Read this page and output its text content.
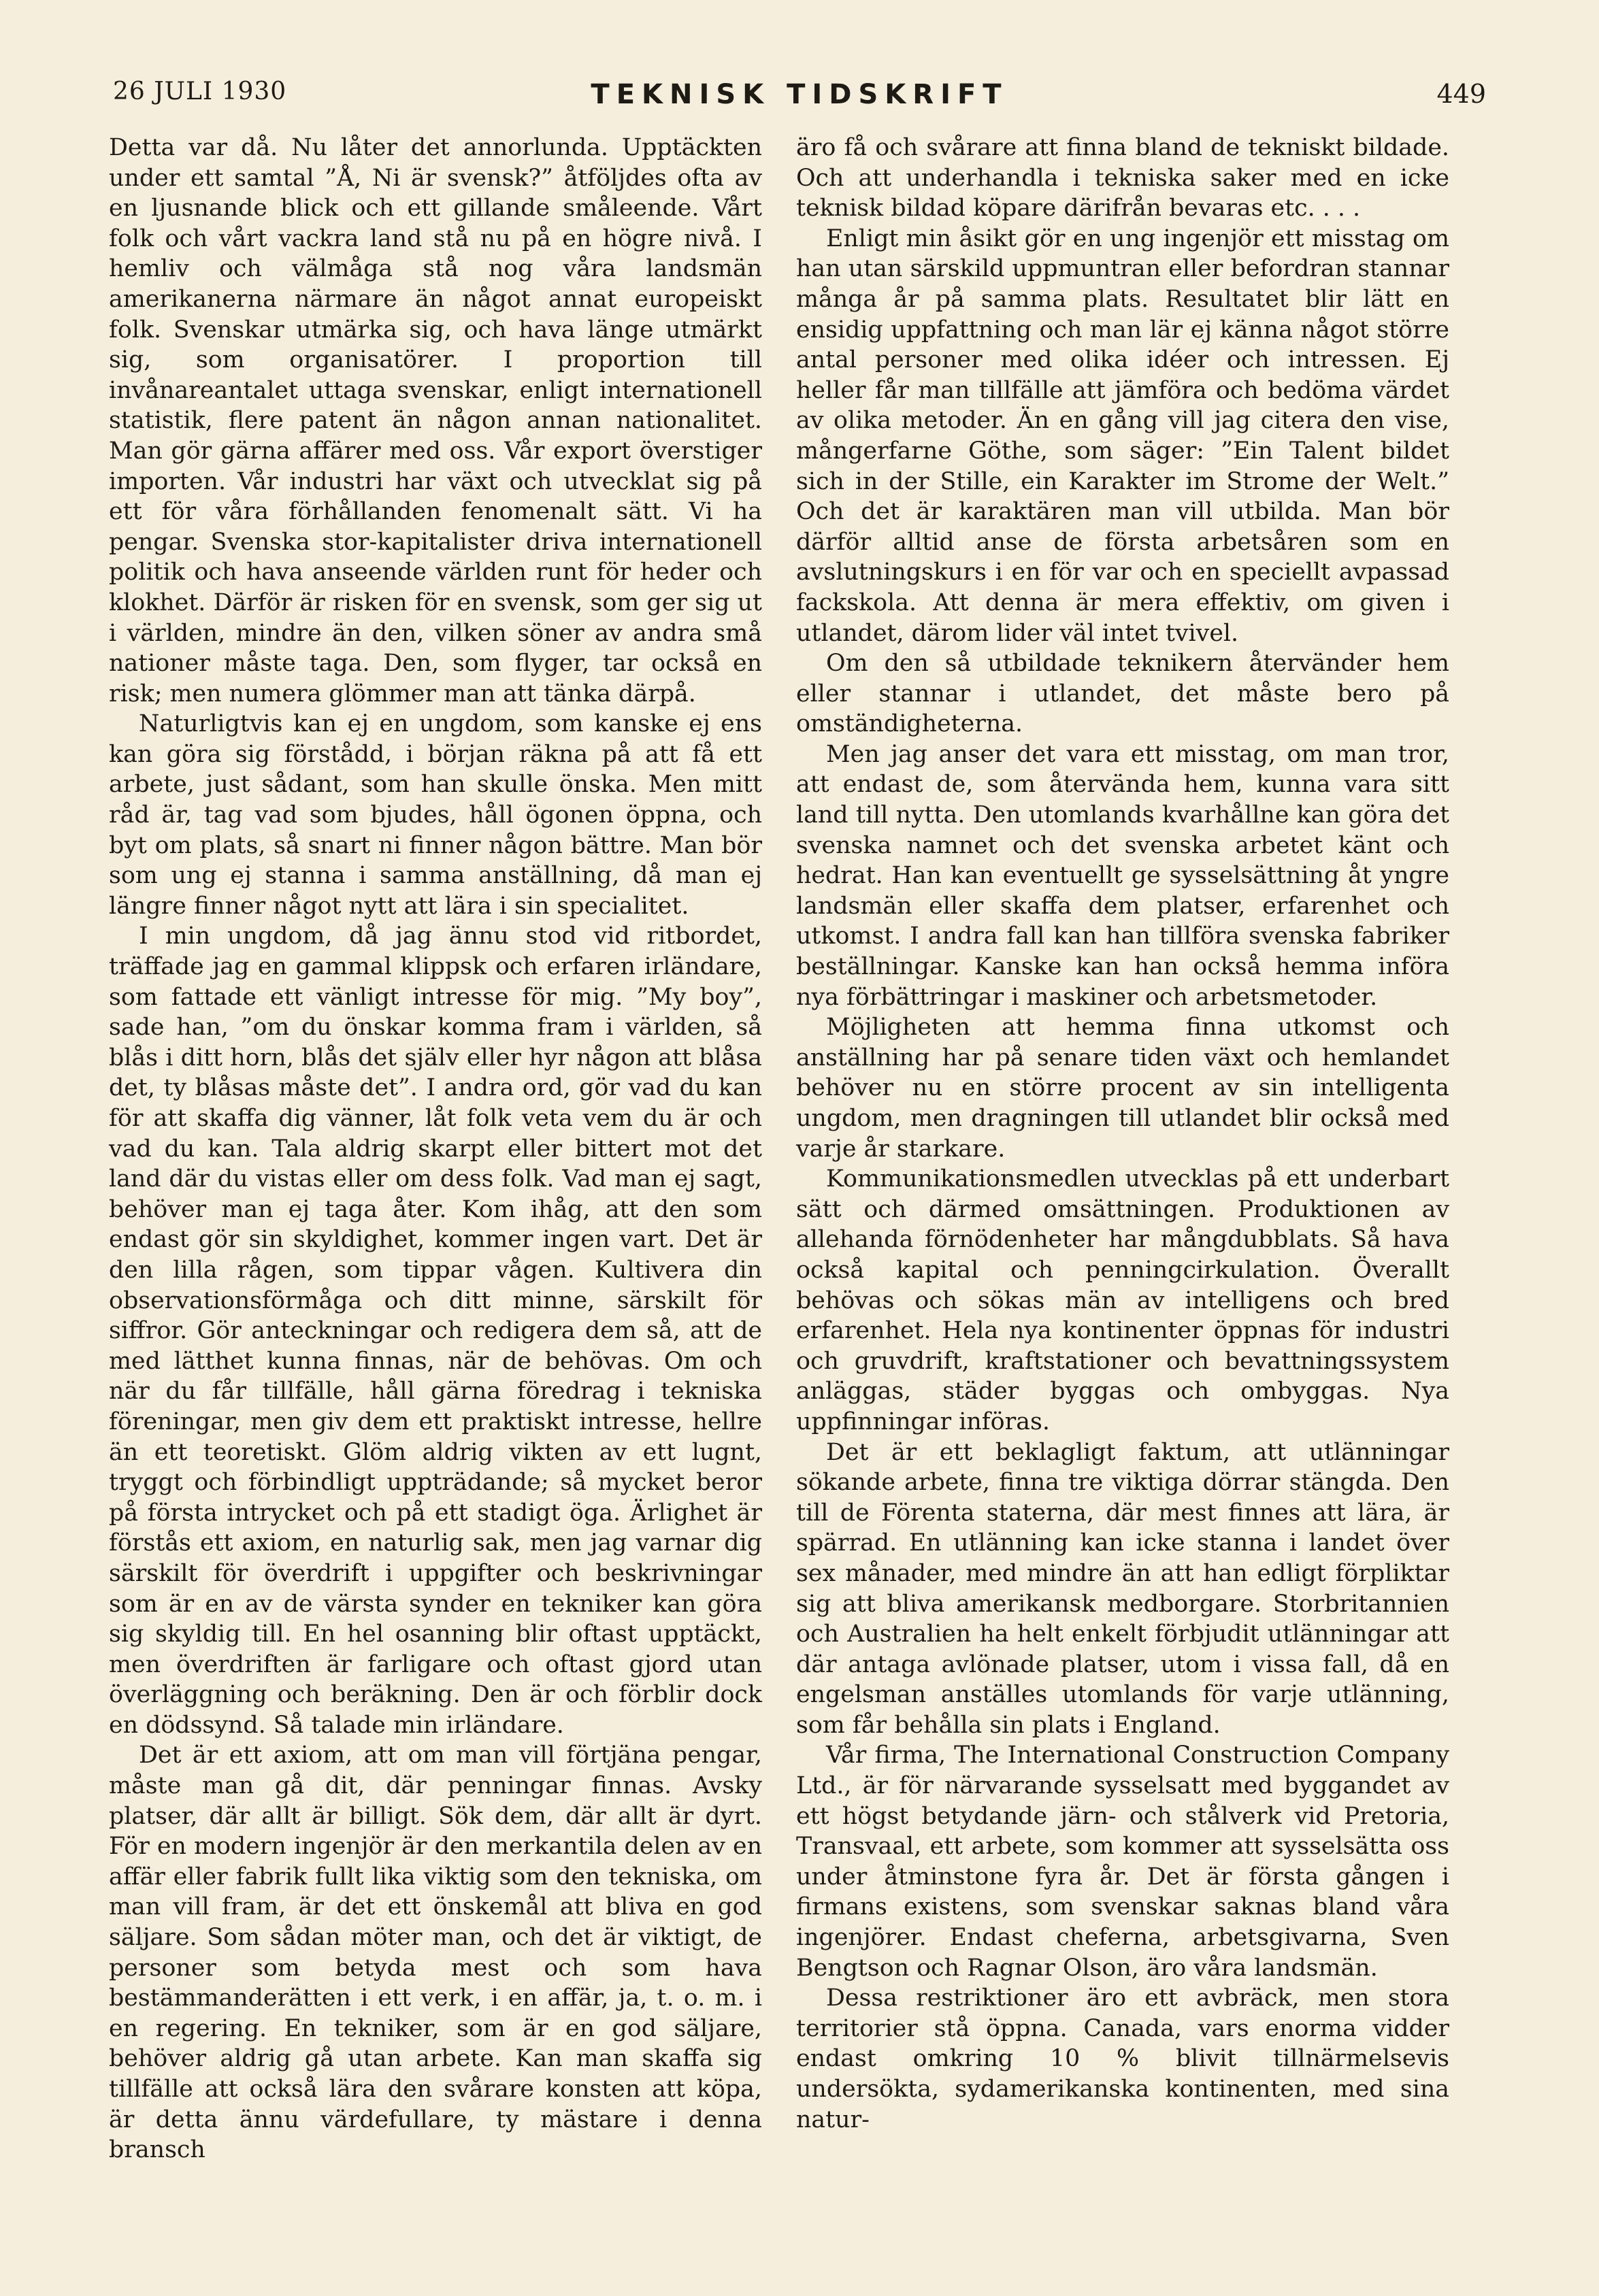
26 JULI 1930	TEKNISK TIDSKRIFT	449

Detta var då. Nu låter det annorlunda. Upptäckten under ett samtal ”Å, Ni är svensk?” åtföljdes ofta av en ljusnande blick och ett gillande småleende. Vårt folk och vårt vackra land stå nu på en högre nivå. I hemliv och välmåga stå nog våra landsmän amerikanerna närmare än något annat europeiskt folk. Svenskar utmärka sig, och hava länge utmärkt sig, som organisatörer. I proportion till invånareantalet uttaga svenskar, enligt internationell statistik, flere patent än någon annan nationalitet. Man gör gärna affärer med oss. Vår export överstiger importen. Vår industri har växt och utvecklat sig på ett för våra förhållanden fenomenalt sätt. Vi ha pengar. Svenska stor-kapitalister driva internationell politik och hava anseende världen runt för heder och klokhet. Därför är risken för en svensk, som ger sig ut i världen, mindre än den, vilken söner av andra små nationer måste taga. Den, som flyger, tar också en risk; men numera glömmer man att tänka därpå.

Naturligtvis kan ej en ungdom, som kanske ej ens kan göra sig förstådd, i början räkna på att få ett arbete, just sådant, som han skulle önska. Men mitt råd är, tag vad som bjudes, håll ögonen öppna, och byt om plats, så snart ni finner någon bättre. Man bör som ung ej stanna i samma anställning, då man ej längre finner något nytt att lära i sin specialitet.

I min ungdom, då jag ännu stod vid ritbordet, träffade jag en gammal klippsk och erfaren irländare, som fattade ett vänligt intresse för mig. ”My boy”, sade han, ”om du önskar komma fram i världen, så blås i ditt horn, blås det själv eller hyr någon att blåsa det, ty blåsas måste det”. I andra ord, gör vad du kan för att skaffa dig vänner, låt folk veta vem du är och vad du kan. Tala aldrig skarpt eller bittert mot det land där du vistas eller om dess folk. Vad man ej sagt, behöver man ej taga åter. Kom ihåg, att den som endast gör sin skyldighet, kommer ingen vart. Det är den lilla rågen, som tippar vågen. Kultivera din observationsförmåga och ditt minne, särskilt för siffror. Gör anteckningar och redigera dem så, att de med lätthet kunna finnas, när de behövas. Om och när du får tillfälle, håll gärna föredrag i tekniska föreningar, men giv dem ett praktiskt intresse, hellre än ett teoretiskt. Glöm aldrig vikten av ett lugnt, tryggt och förbindligt uppträdande; så mycket beror på första intrycket och på ett stadigt öga. Ärlighet är förstås ett axiom, en naturlig sak, men jag varnar dig särskilt för överdrift i uppgifter och beskrivningar som är en av de värsta synder en tekniker kan göra sig skyldig till. En hel osanning blir oftast upptäckt, men överdriften är farligare och oftast gjord utan överläggning och beräkning. Den är och förblir dock en dödssynd. Så talade min irländare.

Det är ett axiom, att om man vill förtjäna pengar, måste man gå dit, där penningar finnas. Avsky platser, där allt är billigt. Sök dem, där allt är dyrt. För en modern ingenjör är den merkantila delen av en affär eller fabrik fullt lika viktig som den tekniska, om man vill fram, är det ett önskemål att bliva en god säljare. Som sådan möter man, och det är viktigt, de personer som betyda mest och som hava bestämmanderätten i ett verk, i en affär, ja, t. o. m. i en regering. En tekniker, som är en god säljare, behöver aldrig gå utan arbete. Kan man skaffa sig tillfälle att också lära den svårare konsten att köpa, är detta ännu värdefullare, ty mästare i denna bransch

äro få och svårare att finna bland de tekniskt bildade. Och att underhandla i tekniska saker med en icke teknisk bildad köpare därifrån bevaras etc. . . .

Enligt min åsikt gör en ung ingenjör ett misstag om han utan särskild uppmuntran eller befordran stannar många år på samma plats. Resultatet blir lätt en ensidig uppfattning och man lär ej känna något större antal personer med olika idéer och intressen. Ej heller får man tillfälle att jämföra och bedöma värdet av olika metoder. Än en gång vill jag citera den vise, mångerfarne Göthe, som säger: ”Ein Talent bildet sich in der Stille, ein Karakter im Strome der Welt.” Och det är karaktären man vill utbilda. Man bör därför alltid anse de första arbetsåren som en avslutningskurs i en för var och en speciellt avpassad fackskola. Att denna är mera effektiv, om given i utlandet, därom lider väl intet tvivel.

Om den så utbildade teknikern återvänder hem eller stannar i utlandet, det måste bero på omständigheterna.

Men jag anser det vara ett misstag, om man tror, att endast de, som återvända hem, kunna vara sitt land till nytta. Den utomlands kvarhållne kan göra det svenska namnet och det svenska arbetet känt och hedrat. Han kan eventuellt ge sysselsättning åt yngre landsmän eller skaffa dem platser, erfarenhet och utkomst. I andra fall kan han tillföra svenska fabriker beställningar. Kanske kan han också hemma införa nya förbättringar i maskiner och arbetsmetoder.

Möjligheten att hemma finna utkomst och anställning har på senare tiden växt och hemlandet behöver nu en större procent av sin intelligenta ungdom, men dragningen till utlandet blir också med varje år starkare.

Kommunikationsmedlen utvecklas på ett underbart sätt och därmed omsättningen. Produktionen av allehanda förnödenheter har mångdubblats. Så hava också kapital och penningcirkulation. Överallt behövas och sökas män av intelligens och bred erfarenhet. Hela nya kontinenter öppnas för industri och gruvdrift, kraftstationer och bevattningssystem anläggas, städer byggas och ombyggas. Nya uppfinningar införas.

Det är ett beklagligt faktum, att utlänningar sökande arbete, finna tre viktiga dörrar stängda. Den till de Förenta staterna, där mest finnes att lära, är spärrad. En utlänning kan icke stanna i landet över sex månader, med mindre än att han edligt förpliktar sig att bliva amerikansk medborgare. Storbritannien och Australien ha helt enkelt förbjudit utlänningar att där antaga avlönade platser, utom i vissa fall, då en engelsman anställes utomlands för varje utlänning, som får behålla sin plats i England.

Vår firma, The International Construction Company Ltd., är för närvarande sysselsatt med byggandet av ett högst betydande järn- och stålverk vid Pretoria, Transvaal, ett arbete, som kommer att sysselsätta oss under åtminstone fyra år. Det är första gången i firmans existens, som svenskar saknas bland våra ingenjörer. Endast cheferna, arbetsgivarna, Sven Bengtson och Ragnar Olson, äro våra landsmän.

Dessa restriktioner äro ett avbräck, men stora territorier stå öppna. Canada, vars enorma vidder endast omkring 10 % blivit tillnärmelsevis undersökta, sydamerikanska kontinenten, med sina natur-
